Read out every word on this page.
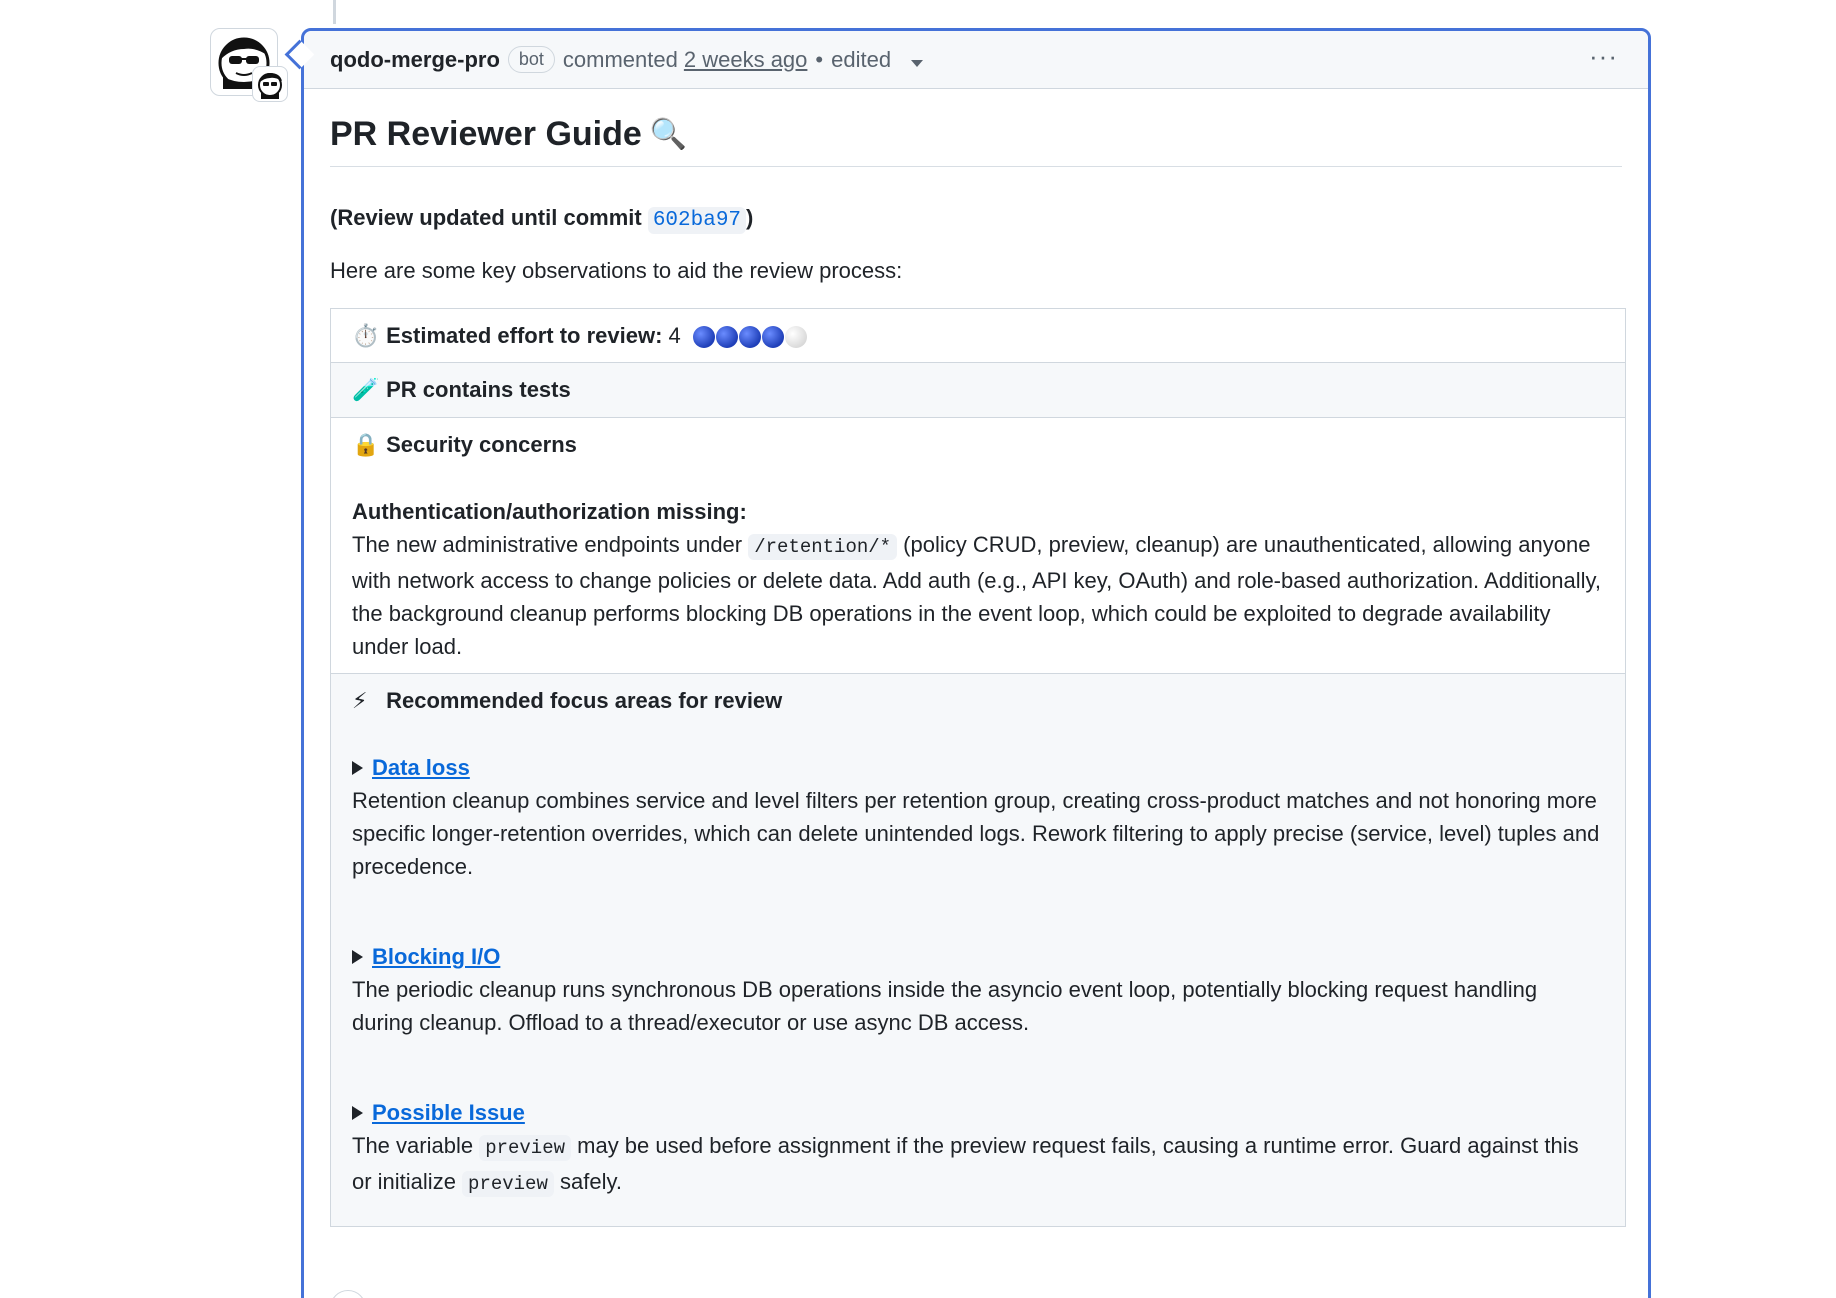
qodo-merge-pro	bot commented 2 weeks ago • edited	···
PR Reviewer Guide 🔍
(Review updated until commit 602ba97 )
Here are some key observations to aid the review process:
⏱️ Estimated effort to review: 4
🧪 PR contains tests
🔒 Security concerns
Authentication/authorization missing:
The new administrative endpoints under /retention/* (policy CRUD, preview, cleanup) are unauthenticated, allowing anyone with network access to change policies or delete data. Add auth (e.g., API key, OAuth) and role-based authorization. Additionally, the background cleanup performs blocking DB operations in the event loop, which could be exploited to degrade availability under load.
⚡ Recommended focus areas for review
Data loss
Retention cleanup combines service and level filters per retention group, creating cross-product matches and not honoring more specific longer-retention overrides, which can delete unintended logs. Rework filtering to apply precise (service, level) tuples and precedence.
Blocking I/O
The periodic cleanup runs synchronous DB operations inside the asyncio event loop, potentially blocking request handling during cleanup. Offload to a thread/executor or use async DB access.
Possible Issue
The variable preview may be used before assignment if the preview request fails, causing a runtime error. Guard against this or initialize preview safely.
